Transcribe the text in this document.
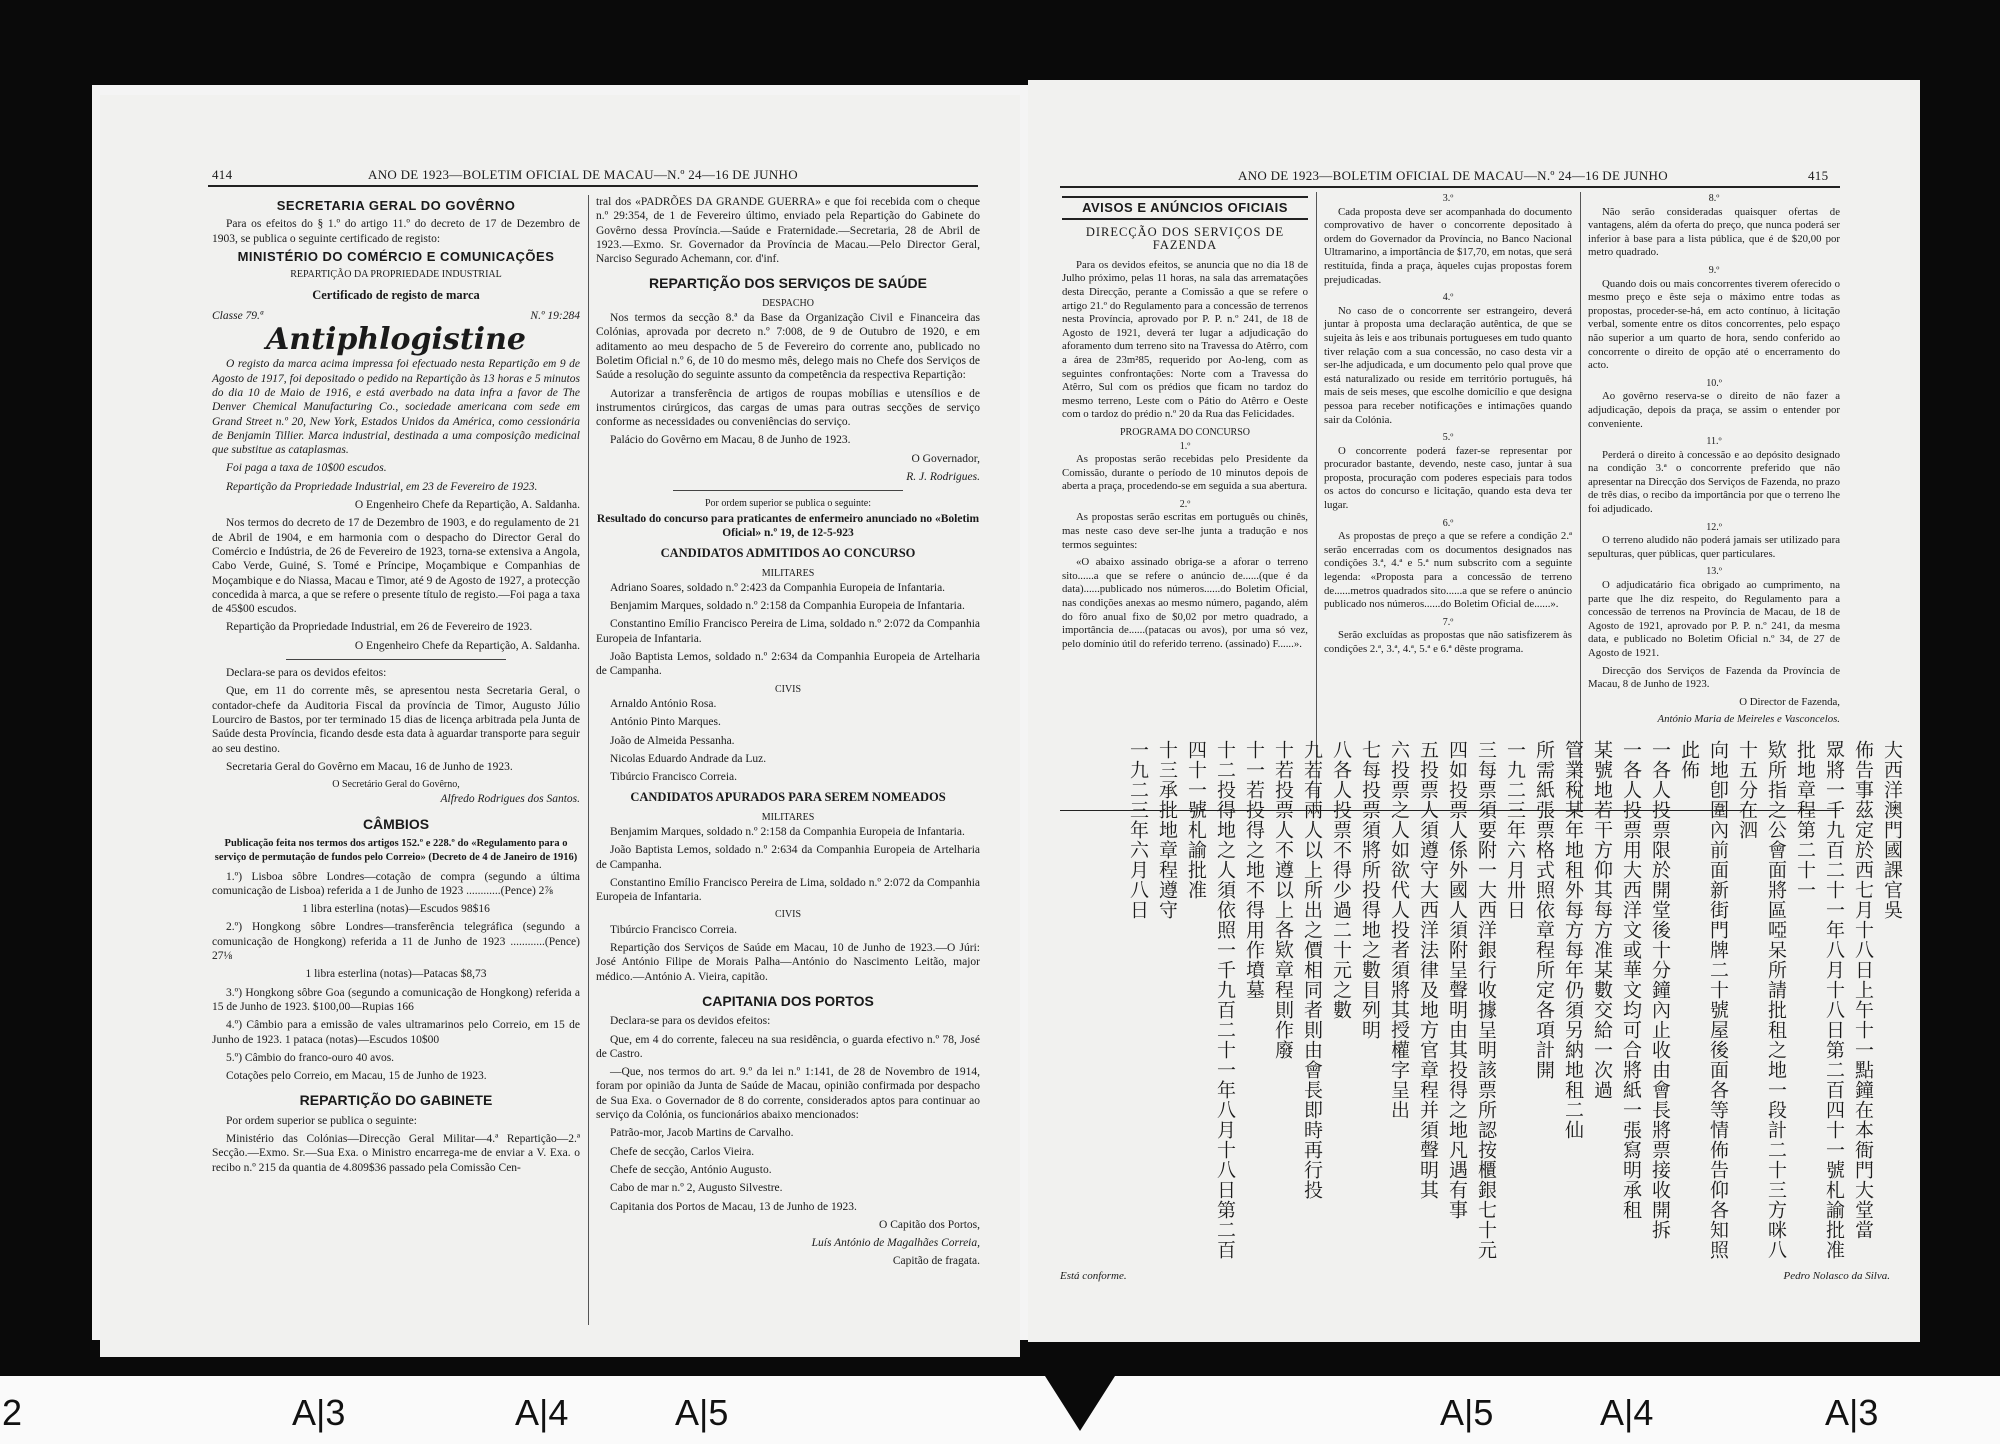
2	A|3	A|4	A|5	A|5	A|4	A|3
414	ANO DE 1923—BOLETIM OFICIAL DE MACAU—N.º 24—16 DE JUNHO
SECRETARIA GERAL DO GOVÊRNO

Para os efeitos do § 1.º do artigo 11.º do decreto de 17 de Dezembro de 1903, se publica o seguinte certificado de registo:

MINISTÉRIO DO COMÉRCIO E COMUNICAÇÕES
REPARTIÇÃO DA PROPRIEDADE INDUSTRIAL
Certificado de registo de marca
Classe 79.ª	N.º 19:284
Antiphlogistine

O registo da marca acima impressa foi efectuado nesta Repartição em 9 de Agosto de 1917, foi depositado o pedido na Repartição às 13 horas e 5 minutos do dia 10 de Maio de 1916, e está averbado na data infra a favor de The Denver Chemical Manufacturing Co., sociedade americana com sede em Grand Street n.º 20, New York, Estados Unidos da América, como cessionária de Benjamin Tillier. Marca industrial, destinada a uma composição medicinal que substitue as cataplasmas.

Foi paga a taxa de 10$00 escudos.

Repartição da Propriedade Industrial, em 23 de Fevereiro de 1923.

O Engenheiro Chefe da Repartição, A. Saldanha.

Nos termos do decreto de 17 de Dezembro de 1903, e do regulamento de 21 de Abril de 1904, e em harmonia com o despacho do Director Geral do Comércio e Indústria, de 26 de Fevereiro de 1923, torna-se extensiva a Angola, Cabo Verde, Guiné, S. Tomé e Príncipe, Moçambique e Companhias de Moçambique e do Niassa, Macau e Timor, até 9 de Agosto de 1927, a protecção concedida à marca, a que se refere o presente título de registo.—Foi paga a taxa de 45$00 escudos.

Repartição da Propriedade Industrial, em 26 de Fevereiro de 1923.

O Engenheiro Chefe da Repartição, A. Saldanha.

Declara-se para os devidos efeitos:

Que, em 11 do corrente mês, se apresentou nesta Secretaria Geral, o contador-chefe da Auditoria Fiscal da província de Timor, Augusto Júlio Lourciro de Bastos, por ter terminado 15 dias de licença arbitrada pela Junta de Saúde desta Província, ficando desde esta data à aguardar transporte para seguir ao seu destino.

Secretaria Geral do Govêrno em Macau, 16 de Junho de 1923.

O Secretário Geral do Govêrno,

Alfredo Rodrigues dos Santos.

CÂMBIOS

Publicação feita nos termos dos artigos 152.º e 228.º do «Regulamento para o serviço de permutação de fundos pelo Correio» (Decreto de 4 de Janeiro de 1916)

1.º) Lisboa sôbre Londres—cotação de compra (segundo a última comunicação de Lisboa) referida a 1 de Junho de 1923 ............(Pence) 2⅞

1 libra esterlina (notas)—Escudos 98$16

2.º) Hongkong sôbre Londres—transferência telegráfica (segundo a comunicação de Hongkong) referida a 11 de Junho de 1923 ............(Pence) 27⅛

1 libra esterlina (notas)—Patacas $8,73

3.º) Hongkong sôbre Goa (segundo a comunicação de Hongkong) referida a 15 de Junho de 1923. $100,00—Rupias 166

4.º) Câmbio para a emissão de vales ultramarinos pelo Correio, em 15 de Junho de 1923. 1 pataca (notas)—Escudos 10$00

5.º) Câmbio do franco-ouro 40 avos.

Cotações pelo Correio, em Macau, 15 de Junho de 1923.

REPARTIÇÃO DO GABINETE

Por ordem superior se publica o seguinte:

Ministério das Colónias—Direcção Geral Militar—4.ª Repartição—2.ª Secção.—Exmo. Sr.—Sua Exa. o Ministro encarrega-me de enviar a V. Exa. o recibo n.º 215 da quantia de 4.809$36 passado pela Comissão Cen-

tral dos «PADRÕES DA GRANDE GUERRA» e que foi recebida com o cheque n.º 29:354, de 1 de Fevereiro último, enviado pela Repartição do Gabinete do Govêrno dessa Província.—Saúde e Fraternidade.—Secretaria, 28 de Abril de 1923.—Exmo. Sr. Governador da Província de Macau.—Pelo Director Geral, Narciso Segurado Achemann, cor. d'inf.

REPARTIÇÃO DOS SERVIÇOS DE SAÚDE
DESPACHO

Nos termos da secção 8.ª da Base da Organização Civil e Financeira das Colónias, aprovada por decreto n.º 7:008, de 9 de Outubro de 1920, e em aditamento ao meu despacho de 5 de Fevereiro do corrente ano, publicado no Boletim Oficial n.º 6, de 10 do mesmo mês, delego mais no Chefe dos Serviços de Saúde a resolução do seguinte assunto da competência da respectiva Repartição:

Autorizar a transferência de artigos de roupas mobílias e utensílios e de instrumentos cirúrgicos, das cargas de umas para outras secções de serviço conforme as necessidades ou conveniências do serviço.

Palácio do Govêrno em Macau, 8 de Junho de 1923.

O Governador,

R. J. Rodrigues.

Por ordem superior se publica o seguinte:

Resultado do concurso para praticantes de enfermeiro anunciado no «Boletim Oficial» n.º 19, de 12-5-923

CANDIDATOS ADMITIDOS AO CONCURSO
MILITARES

Adriano Soares, soldado n.º 2:423 da Companhia Europeia de Infantaria.

Benjamim Marques, soldado n.º 2:158 da Companhia Europeia de Infantaria.

Constantino Emílio Francisco Pereira de Lima, soldado n.º 2:072 da Companhia Europeia de Infantaria.

João Baptista Lemos, soldado n.º 2:634 da Companhia Europeia de Artelharia de Campanha.

CIVIS

Arnaldo António Rosa.

António Pinto Marques.

João de Almeida Pessanha.

Nicolas Eduardo Andrade da Luz.

Tibúrcio Francisco Correia.

CANDIDATOS APURADOS PARA SEREM NOMEADOS
MILITARES

Benjamim Marques, soldado n.º 2:158 da Companhia Europeia de Infantaria.

João Baptista Lemos, soldado n.º 2:634 da Companhia Europeia de Artelharia de Campanha.

Constantino Emílio Francisco Pereira de Lima, soldado n.º 2:072 da Companhia Europeia de Infantaria.

CIVIS

Tibúrcio Francisco Correia.

Repartição dos Serviços de Saúde em Macau, 10 de Junho de 1923.—O Júri: José António Filipe de Morais Palha—António do Nascimento Leitão, major médico.—António A. Vieira, capitão.

CAPITANIA DOS PORTOS

Declara-se para os devidos efeitos:

Que, em 4 do corrente, faleceu na sua residência, o guarda efectivo n.º 78, José de Castro.

—Que, nos termos do art. 9.º da lei n.º 1:141, de 28 de Novembro de 1914, foram por opinião da Junta de Saúde de Macau, opinião confirmada por despacho de Sua Exa. o Governador de 8 do corrente, considerados aptos para continuar ao serviço da Colónia, os funcionários abaixo mencionados:

Patrão-mor, Jacob Martins de Carvalho.

Chefe de secção, Carlos Vieira.

Chefe de secção, António Augusto.

Cabo de mar n.º 2, Augusto Silvestre.

Capitania dos Portos de Macau, 13 de Junho de 1923.

O Capitão dos Portos,

Luís António de Magalhães Correia,

Capitão de fragata.

ANO DE 1923—BOLETIM OFICIAL DE MACAU—N.º 24—16 DE JUNHO	415
AVISOS E ANÚNCIOS OFICIAIS
DIRECÇÃO DOS SERVIÇOS DE FAZENDA

Para os devidos efeitos, se anuncia que no dia 18 de Julho próximo, pelas 11 horas, na sala das arrematações desta Direcção, perante a Comissão a que se refere o artigo 21.º do Regulamento para a concessão de terrenos nesta Província, aprovado por P. P. n.º 241, de 18 de Agosto de 1921, deverá ter lugar a adjudicação do aforamento dum terreno sito na Travessa do Atêrro, com a área de 23m²85, requerido por Ao-leng, com as seguintes confrontações: Norte com a Travessa do Atêrro, Sul com os prédios que ficam no tardoz do mesmo terreno, Leste com o Pátio do Atêrro e Oeste com o tardoz do prédio n.º 20 da Rua das Felicidades.

PROGRAMA DO CONCURSO
1.º

As propostas serão recebidas pelo Presidente da Comissão, durante o período de 10 minutos depois de aberta a praça, procedendo-se em seguida a sua abertura.

2.º

As propostas serão escritas em português ou chinês, mas neste caso deve ser-lhe junta a tradução e nos termos seguintes:

«O abaixo assinado obriga-se a aforar o terreno sito......a que se refere o anúncio de......(que é da data)......publicado nos números......do Boletim Oficial, nas condições anexas ao mesmo número, pagando, além do fôro anual fixo de $0,02 por metro quadrado, a importância de......(patacas ou avos), por uma só vez, pelo domínio útil do referido terreno. (assinado) F......».

3.º

Cada proposta deve ser acompanhada do documento comprovativo de haver o concorrente depositado à ordem do Governador da Província, no Banco Nacional Ultramarino, a importância de $17,70, em notas, que será restituída, finda a praça, àqueles cujas propostas forem prejudicadas.

4.º

No caso de o concorrente ser estrangeiro, deverá juntar à proposta uma declaração autêntica, de que se sujeita às leis e aos tribunais portugueses em tudo quanto tiver relação com a sua concessão, no caso desta vir a ser-lhe adjudicada, e um documento pelo qual prove que está naturalizado ou reside em território português, há mais de seis meses, que escolhe domicílio e que designa pessoa para receber notificações e intimações quando sair da Colónia.

5.º

O concorrente poderá fazer-se representar por procurador bastante, devendo, neste caso, juntar à sua proposta, procuração com poderes especiais para todos os actos do concurso e licitação, quando esta deva ter lugar.

6.º

As propostas de preço a que se refere a condição 2.ª serão encerradas com os documentos designados nas condições 3.ª, 4.ª e 5.ª num subscrito com a seguinte legenda: «Proposta para a concessão de terreno de......metros quadrados sito......a que se refere o anúncio publicado nos números......do Boletim Oficial de......».

7.º

Serão excluídas as propostas que não satisfizerem às condições 2.ª, 3.ª, 4.ª, 5.ª e 6.ª dêste programa.

8.º

Não serão consideradas quaisquer ofertas de vantagens, além da oferta do preço, que nunca poderá ser inferior à base para a lista pública, que é de $20,00 por metro quadrado.

9.º

Quando dois ou mais concorrentes tiverem oferecido o mesmo preço e êste seja o máximo entre todas as propostas, proceder-se-há, em acto contínuo, à licitação verbal, somente entre os ditos concorrentes, pelo espaço não superior a um quarto de hora, sendo conferido ao concorrente o direito de opção até o encerramento do acto.

10.º

Ao govêrno reserva-se o direito de não fazer a adjudicação, depois da praça, se assim o entender por conveniente.

11.º

Perderá o direito à concessão e ao depósito designado na condição 3.ª o concorrente preferido que não apresentar na Direcção dos Serviços de Fazenda, no prazo de três dias, o recibo da importância por que o terreno lhe foi adjudicado.

12.º

O terreno aludido não poderá jamais ser utilizado para sepulturas, quer públicas, quer particulares.

13.º

O adjudicatário fica obrigado ao cumprimento, na parte que lhe diz respeito, do Regulamento para a concessão de terrenos na Província de Macau, de 18 de Agosto de 1921, aprovado por P. P. n.º 241, da mesma data, e publicado no Boletim Oficial n.º 34, de 27 de Agosto de 1921.

Direcção dos Serviços de Fazenda da Província de Macau, 8 de Junho de 1923.

O Director de Fazenda,

António Maria de Meireles e Vasconcelos.

大西洋澳門國課官吳
佈告事茲定於西七月十八日上午十一點鐘在本衙門大堂當
眾將一千九百二十一年八月十八日第二百四十一號札諭批准批地章程第二十一
欵所指之公會面將區啞呆所請批租之地一段計二十三方咪八十五分在泗
向地卽圍內前面新街門牌二十號屋後面各等情佈告仰各知照此佈
一各人投票限於開堂後十分鐘內止收由會長將票接收開拆
一各人投票用大西洋文或華文均可合將紙一張寫明承租
某號地若干方仰其每方准某數交給一次過
管業稅某年地租外每方每年仍須另納地租二仙
所需紙張票格式照依章程所定各項計開
一九二三年六月卅日
三每票須要附一大西洋銀行收據呈明該票所認按櫃銀七十元
四如投票人係外國人須附呈聲明由其投得之地凡遇有事
五投票人須遵守大西洋法律及地方官章程并須聲明其
六投票之人如欲代人投者須將其授權字呈出
七每投票須將所投得地之數目列明
八各人投票不得少過二十元之數
九若有兩人以上所出之價相同者則由會長即時再行投
十若投票人不遵以上各欵章程則作廢
十一若投得之地不得用作墳墓
十二投得地之人須依照一千九百二十一年八月十八日第二百四十一號札諭批准
十三承批地章程遵守
一九二三年六月八日
Está conforme.	Pedro Nolasco da Silva.
